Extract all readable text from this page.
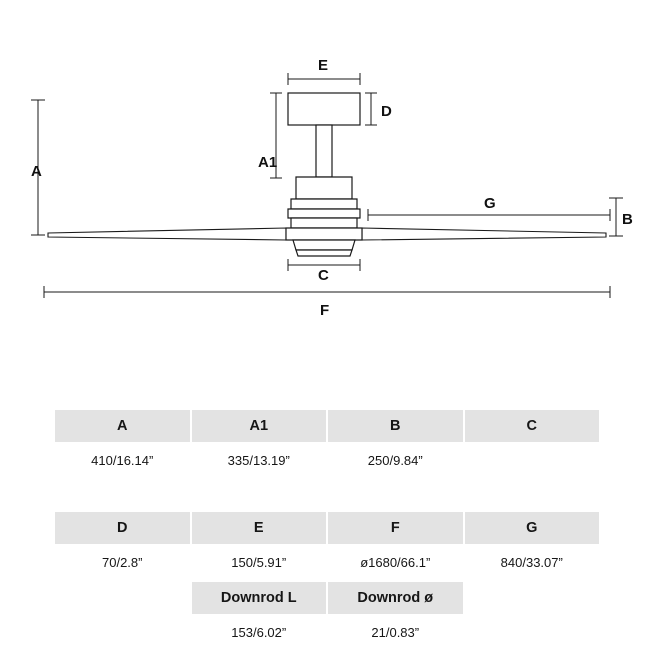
A
A1
B
C
D
E
F
G
A	A1	B	C
410/16.14”	335/13.19”	250/9.84”	

D	E	F	G
70/2.8”	150/5.91”	ø1680/66.1”	840/33.07”
Downrod L	Downrod ø
153/6.02”	21/0.83”
